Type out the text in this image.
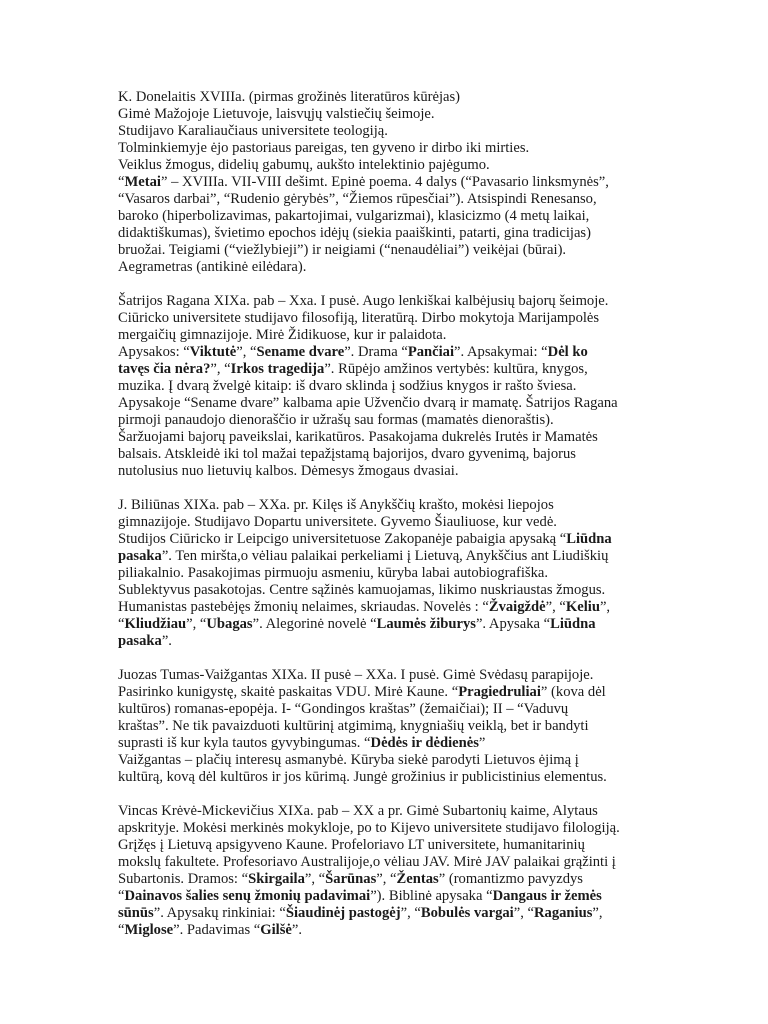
K. Donelaitis XVIIIa. (pirmas grožinės literatūros kūrėjas)
Gimė Mažojoje Lietuvoje, laisvųjų valstiečių šeimoje.
Studijavo Karaliaučiaus universitete teologiją.
Tolminkiemyje ėjo pastoriaus pareigas, ten gyveno ir dirbo iki mirties.
Veiklus žmogus, didelių gabumų, aukšto intelektinio pajėgumo.
“Metai” – XVIIIa. VII-VIII dešimt. Epinė poema. 4 dalys (“Pavasario linksmynės”,
“Vasaros darbai”, “Rudenio gėrybės”, “Žiemos rūpesčiai”). Atsispindi Renesanso,
baroko (hiperbolizavimas, pakartojimai, vulgarizmai), klasicizmo (4 metų laikai,
didaktiškumas), švietimo epochos idėjų (siekia paaiškinti, patarti, gina tradicijas)
bruožai. Teigiami (“viežlybieji”) ir neigiami (“nenaudėliai”) veikėjai (būrai).
Aegrametras (antikinė eilėdara).
Šatrijos Ragana XIXa. pab – Xxa. I pusė. Augo lenkiškai kalbėjusių bajorų šeimoje.
Ciūricko universitete studijavo filosofiją, literatūrą. Dirbo mokytoja Marijampolės
mergaičių gimnazijoje. Mirė Židikuose, kur ir palaidota.
Apysakos: “Viktutė”, “Sename dvare”. Drama “Pančiai”. Apsakymai: “Dėl ko
tavęs čia nėra?”, “Irkos tragedija”. Rūpėjo amžinos vertybės: kultūra, knygos,
muzika. Į dvarą žvelgė kitaip: iš dvaro sklinda į sodžius knygos ir rašto šviesa.
Apysakoje “Sename dvare” kalbama apie Užvenčio dvarą ir mamatę. Šatrijos Ragana
pirmoji panaudojo dienoraščio ir užrašų sau formas (mamatės dienoraštis).
Šaržuojami bajorų paveikslai, karikatūros. Pasakojama dukrelės Irutės ir Mamatės
balsais. Atskleidė iki tol mažai tepažįstamą bajorijos, dvaro gyvenimą, bajorus
nutolusius nuo lietuvių kalbos. Dėmesys žmogaus dvasiai.
J. Biliūnas XIXa. pab – XXa. pr. Kilęs iš Anykščių krašto, mokėsi liepojos
gimnazijoje. Studijavo Dopartu universitete. Gyvemo Šiauliuose, kur vedė.
Studijos Ciūricko ir Leipcigo universitetuose Zakopanėje pabaigia apysaką “Liūdna
pasaka”. Ten miršta,o vėliau palaikai perkeliami į Lietuvą, Anykščius ant Liudiškių
piliakalnio. Pasakojimas pirmuoju asmeniu, kūryba labai autobiografiška.
Sublektyvus pasakotojas. Centre sąžinės kamuojamas, likimo nuskriaustas žmogus.
Humanistas pastebėjęs žmonių nelaimes, skriaudas. Novelės : “Žvaigždė”, “Keliu”,
“Kliudžiau”, “Ubagas”. Alegorinė novelė “Laumės žiburys”. Apysaka “Liūdna
pasaka”.
Juozas Tumas-Vaižgantas XIXa. II pusė – XXa. I pusė. Gimė Svėdasų parapijoje.
Pasirinko kunigystę, skaitė paskaitas VDU. Mirė Kaune. “Pragiedruliai” (kova dėl
kultūros) romanas-epopėja. I- “Gondingos kraštas” (žemaičiai); II – “Vaduvų
kraštas”. Ne tik pavaizduoti kultūrinį atgimimą, knygniašių veiklą, bet ir bandyti
suprasti iš kur kyla tautos gyvybingumas. “Dėdės ir dėdienės”
Vaižgantas – plačių interesų asmanybė. Kūryba siekė parodyti Lietuvos ėjimą į
kultūrą, kovą dėl kultūros ir jos kūrimą. Jungė grožinius ir publicistinius elementus.
Vincas Krėvė-Mickevičius XIXa. pab – XX a pr. Gimė Subartonių kaime, Alytaus
apskrityje. Mokėsi merkinės mokykloje, po to Kijevo universitete studijavo filologiją.
Grįžęs į Lietuvą apsigyveno Kaune. Profeloriavo LT universitete, humanitarinių
mokslų fakultete. Profesoriavo Australijoje,o vėliau JAV. Mirė JAV palaikai grąžinti į
Subartonis. Dramos: “Skirgaila”, “Šarūnas”, “Žentas” (romantizmo pavyzdys
“Dainavos šalies senų žmonių padavimai”). Biblinė apysaka “Dangaus ir žemės
sūnūs”. Apysakų rinkiniai: “Šiaudinėj pastogėj”, “Bobulės vargai”, “Raganius”,
“Miglose”. Padavimas “Gilšė”.
